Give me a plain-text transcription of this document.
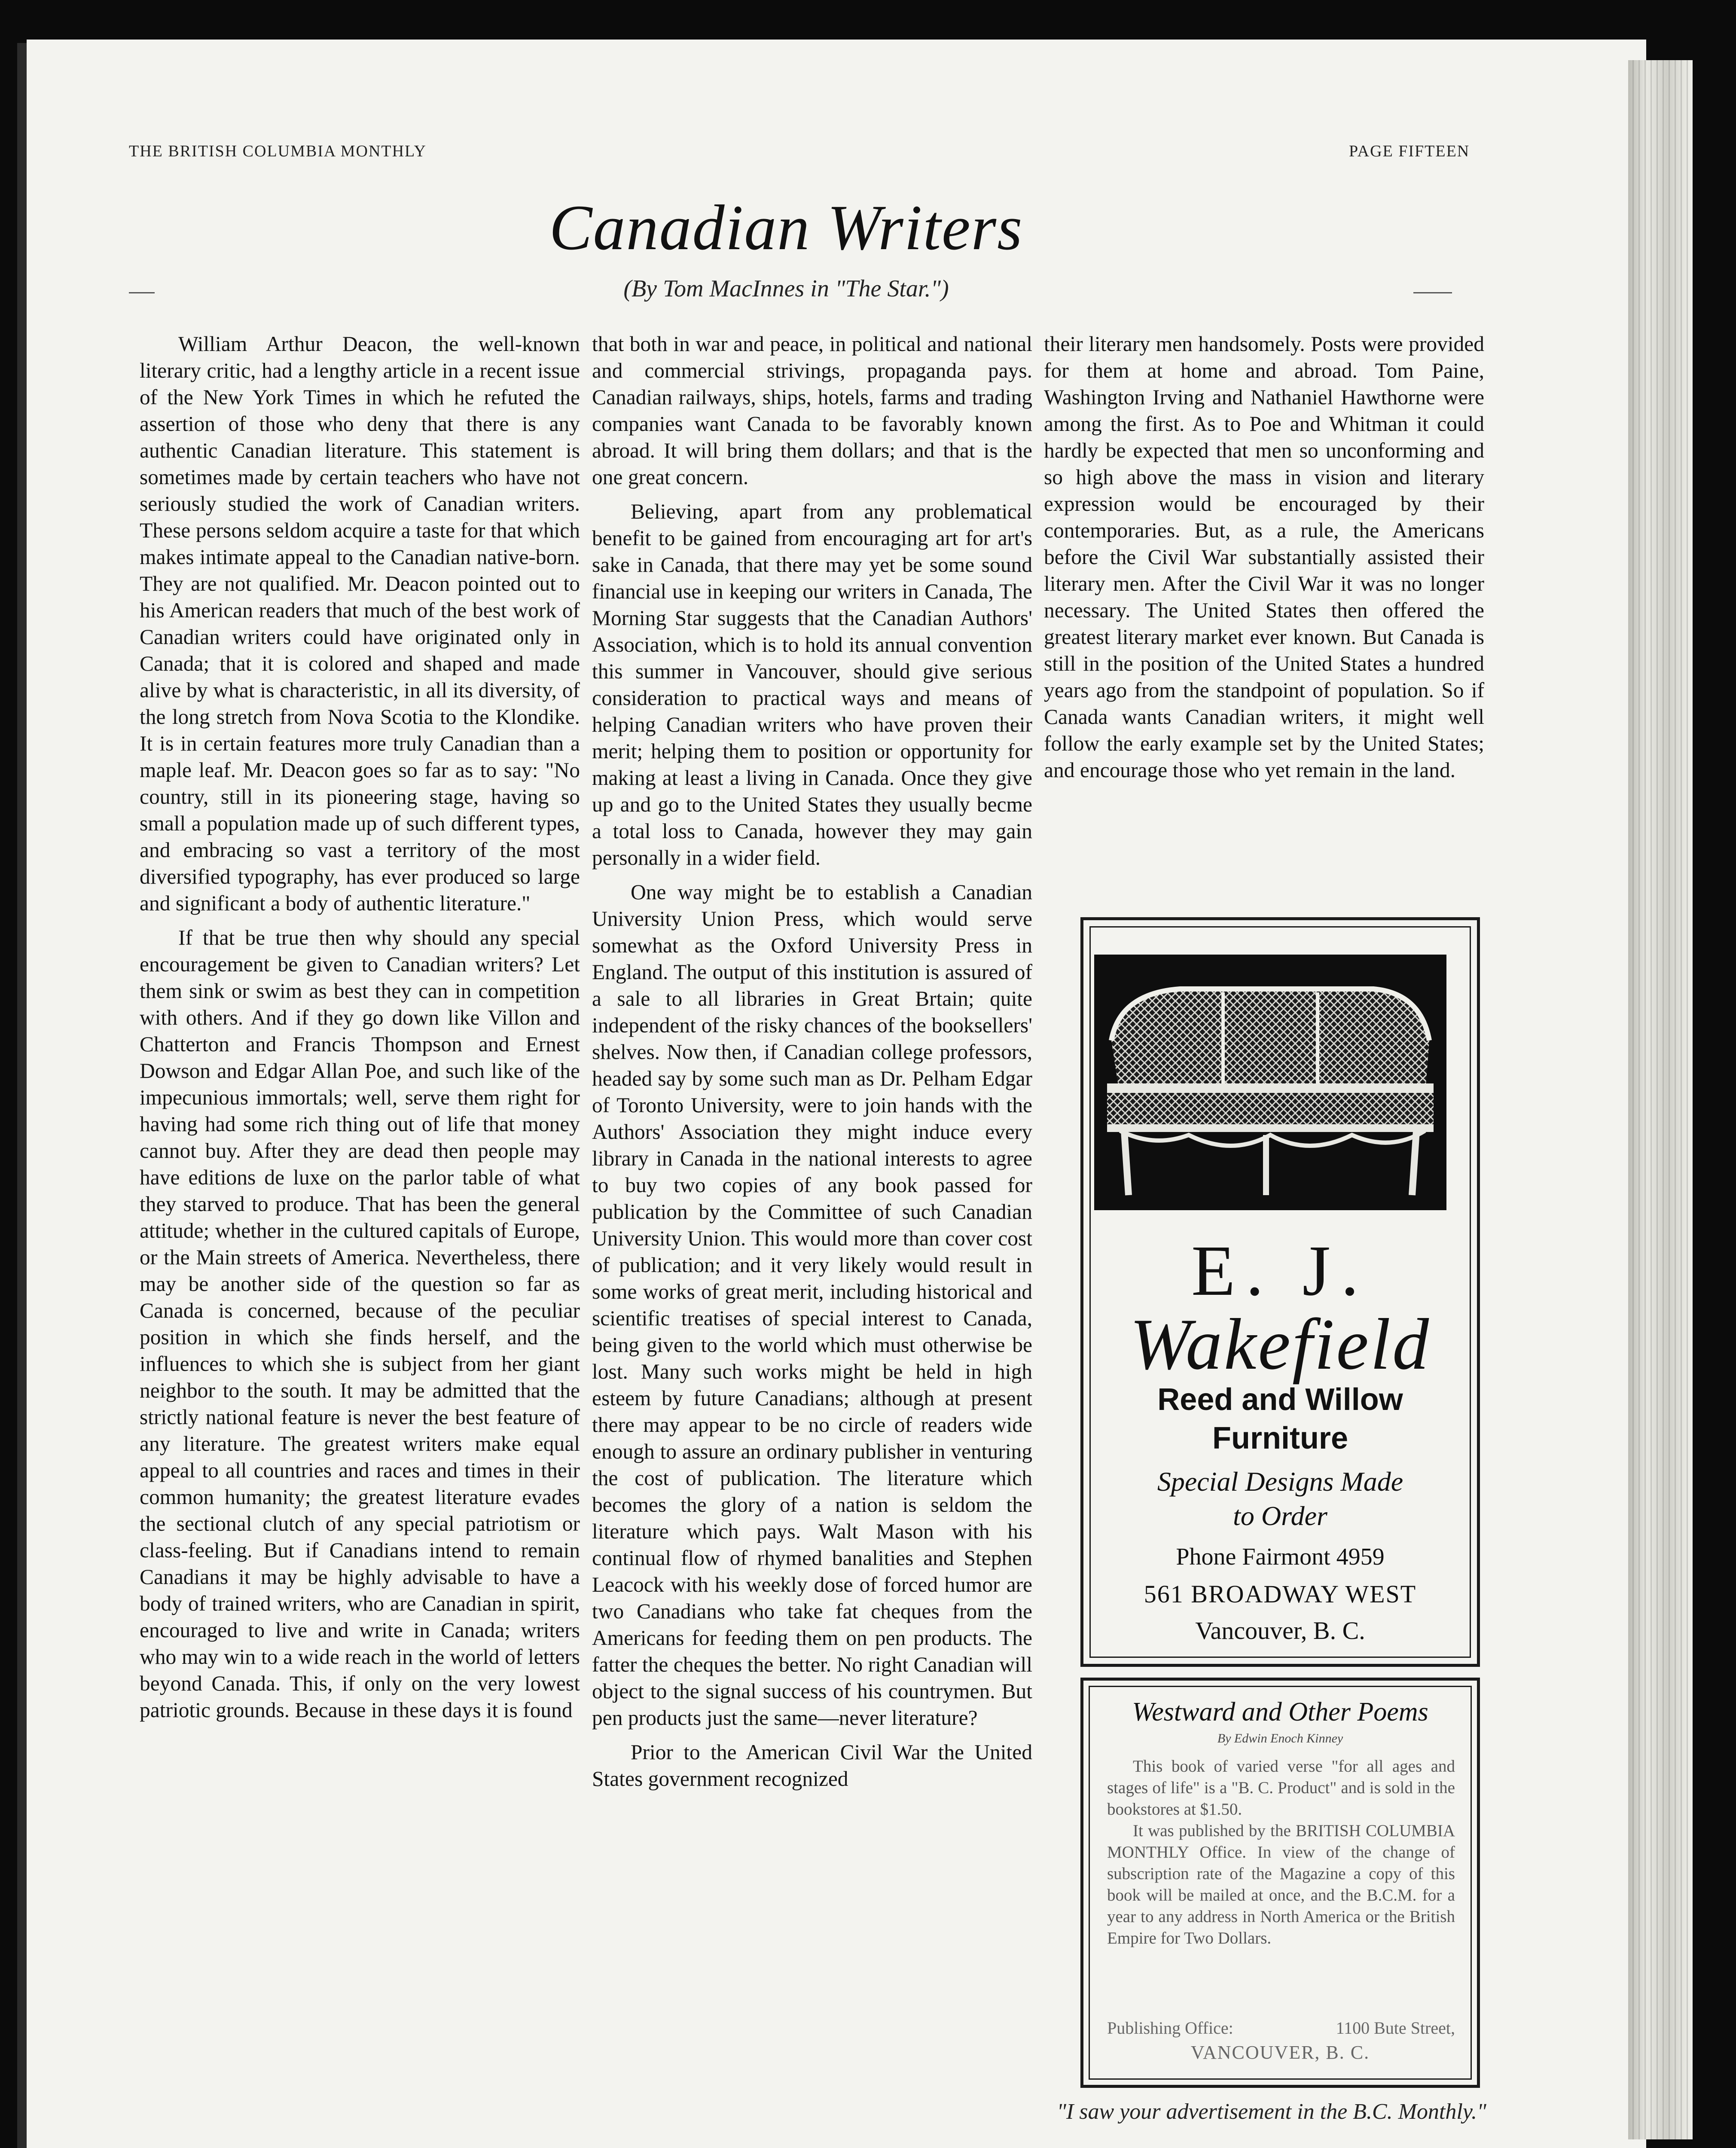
THE BRITISH COLUMBIA MONTHLY	PAGE FIFTEEN
Canadian Writers
(By Tom MacInnes in "The Star.")

William Arthur Deacon, the well-known literary critic, had a lengthy article in a recent issue of the New York Times in which he refuted the assertion of those who deny that there is any authentic Canadian literature. This statement is sometimes made by certain teachers who have not seriously studied the work of Canadian writers. These persons seldom acquire a taste for that which makes intimate appeal to the Canadian native-born. They are not qualified. Mr. Deacon pointed out to his American readers that much of the best work of Canadian writers could have originated only in Canada; that it is colored and shaped and made alive by what is characteristic, in all its diversity, of the long stretch from Nova Scotia to the Klondike. It is in certain features more truly Canadian than a maple leaf. Mr. Deacon goes so far as to say: "No country, still in its pioneering stage, having so small a population made up of such different types, and embracing so vast a territory of the most diversified typography, has ever produced so large and significant a body of authentic literature."

If that be true then why should any special encouragement be given to Canadian writers? Let them sink or swim as best they can in competition with others. And if they go down like Villon and Chatterton and Francis Thompson and Ernest Dowson and Edgar Allan Poe, and such like of the impecunious immortals; well, serve them right for having had some rich thing out of life that money cannot buy. After they are dead then people may have editions de luxe on the parlor table of what they starved to produce. That has been the general attitude; whether in the cultured capitals of Europe, or the Main streets of America. Nevertheless, there may be another side of the question so far as Canada is concerned, because of the peculiar position in which she finds herself, and the influences to which she is subject from her giant neighbor to the south. It may be admitted that the strictly national feature is never the best feature of any literature. The greatest writers make equal appeal to all countries and races and times in their common humanity; the greatest literature evades the sectional clutch of any special patriotism or class-feeling. But if Canadians intend to remain Canadians it may be highly advisable to have a body of trained writers, who are Canadian in spirit, encouraged to live and write in Canada; writers who may win to a wide reach in the world of letters beyond Canada. This, if only on the very lowest patriotic grounds. Because in these days it is found

that both in war and peace, in political and national and commercial strivings, propaganda pays. Canadian railways, ships, hotels, farms and trading companies want Canada to be favorably known abroad. It will bring them dollars; and that is the one great concern.

Believing, apart from any problematical benefit to be gained from encouraging art for art's sake in Canada, that there may yet be some sound financial use in keeping our writers in Canada, The Morning Star suggests that the Canadian Authors' Association, which is to hold its annual convention this summer in Vancouver, should give serious consideration to practical ways and means of helping Canadian writers who have proven their merit; helping them to position or opportunity for making at least a living in Canada. Once they give up and go to the United States they usually becme a total loss to Canada, however they may gain personally in a wider field.

One way might be to establish a Canadian University Union Press, which would serve somewhat as the Oxford University Press in England. The output of this institution is assured of a sale to all libraries in Great Brtain; quite independent of the risky chances of the booksellers' shelves. Now then, if Canadian college professors, headed say by some such man as Dr. Pelham Edgar of Toronto University, were to join hands with the Authors' Association they might induce every library in Canada in the national interests to agree to buy two copies of any book passed for publication by the Committee of such Canadian University Union. This would more than cover cost of publication; and it very likely would result in some works of great merit, including historical and scientific treatises of special interest to Canada, being given to the world which must otherwise be lost. Many such works might be held in high esteem by future Canadians; although at present there may appear to be no circle of readers wide enough to assure an ordinary publisher in venturing the cost of publication. The literature which becomes the glory of a nation is seldom the literature which pays. Walt Mason with his continual flow of rhymed banalities and Stephen Leacock with his weekly dose of forced humor are two Canadians who take fat cheques from the Americans for feeding them on pen products. The fatter the cheques the better. No right Canadian will object to the signal success of his countrymen. But pen products just the same—never literature?

Prior to the American Civil War the United States government recognized

their literary men handsomely. Posts were provided for them at home and abroad. Tom Paine, Washington Irving and Nathaniel Hawthorne were among the first. As to Poe and Whitman it could hardly be expected that men so unconforming and so high above the mass in vision and literary expression would be encouraged by their contemporaries. But, as a rule, the Americans before the Civil War substantially assisted their literary men. After the Civil War it was no longer necessary. The United States then offered the greatest literary market ever known. But Canada is still in the position of the United States a hundred years ago from the standpoint of population. So if Canada wants Canadian writers, it might well follow the early example set by the United States; and encourage those who yet remain in the land.

E. J.
Wakefield
Reed and Willow
Furniture
Special Designs Made
to Order
Phone Fairmont 4959
561 BROADWAY WEST
Vancouver, B. C.
Westward and Other Poems
By Edwin Enoch Kinney

This book of varied verse "for all ages and stages of life" is a "B. C. Product" and is sold in the bookstores at $1.50.

It was published by the BRITISH COLUMBIA MONTHLY Office. In view of the change of subscription rate of the Magazine a copy of this book will be mailed at once, and the B.C.M. for a year to any address in North America or the British Empire for Two Dollars.

1100 Bute Street,
Publishing Office:
VANCOUVER, B. C.
"I saw your advertisement in the B.C. Monthly."
